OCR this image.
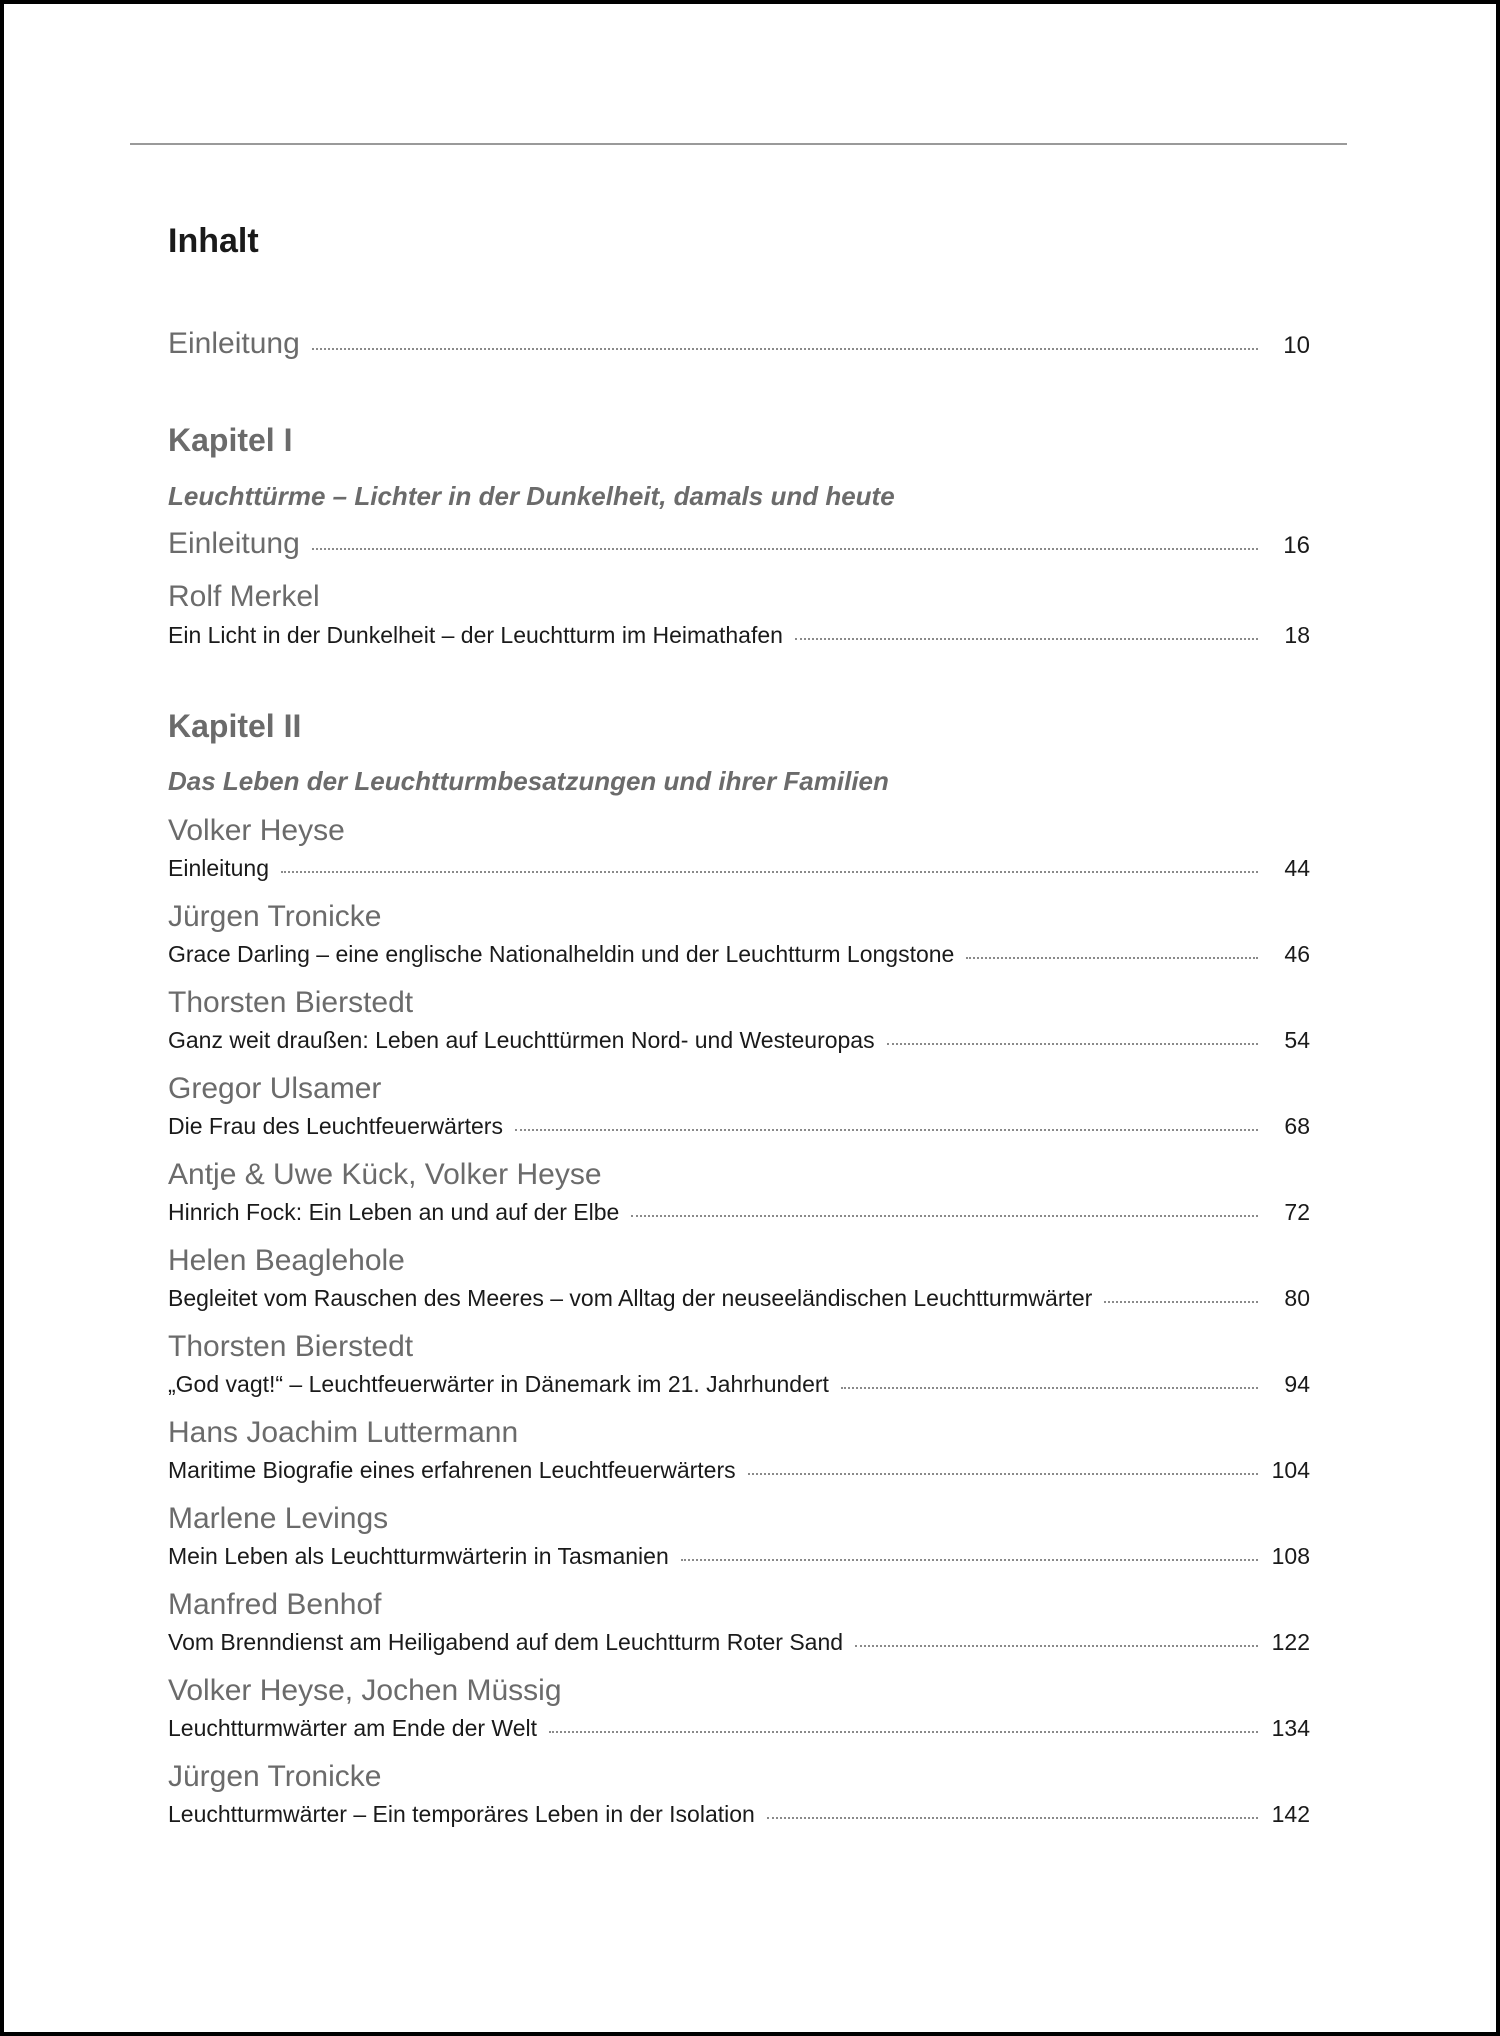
Inhalt
Einleitung	10
Kapitel I
Leuchttürme – Lichter in der Dunkelheit, damals und heute
Einleitung	16
Rolf Merkel
Ein Licht in der Dunkelheit – der Leuchtturm im Heimathafen	18
Kapitel II
Das Leben der Leuchtturmbesatzungen und ihrer Familien
Volker Heyse
Einleitung	44
Jürgen Tronicke
Grace Darling – eine englische Nationalheldin und der Leuchtturm Longstone	46
Thorsten Bierstedt
Ganz weit draußen: Leben auf Leuchttürmen Nord- und Westeuropas	54
Gregor Ulsamer
Die Frau des Leuchtfeuerwärters	68
Antje & Uwe Kück, Volker Heyse
Hinrich Fock: Ein Leben an und auf der Elbe	72
Helen Beaglehole
Begleitet vom Rauschen des Meeres – vom Alltag der neuseeländischen Leuchtturmwärter	80
Thorsten Bierstedt
„God vagt!“ – Leuchtfeuerwärter in Dänemark im 21. Jahrhundert	94
Hans Joachim Luttermann
Maritime Biografie eines erfahrenen Leuchtfeuerwärters	104
Marlene Levings
Mein Leben als Leuchtturmwärterin in Tasmanien	108
Manfred Benhof
Vom Brenndienst am Heiligabend auf dem Leuchtturm Roter Sand	122
Volker Heyse, Jochen Müssig
Leuchtturmwärter am Ende der Welt	134
Jürgen Tronicke
Leuchtturmwärter – Ein temporäres Leben in der Isolation	142
